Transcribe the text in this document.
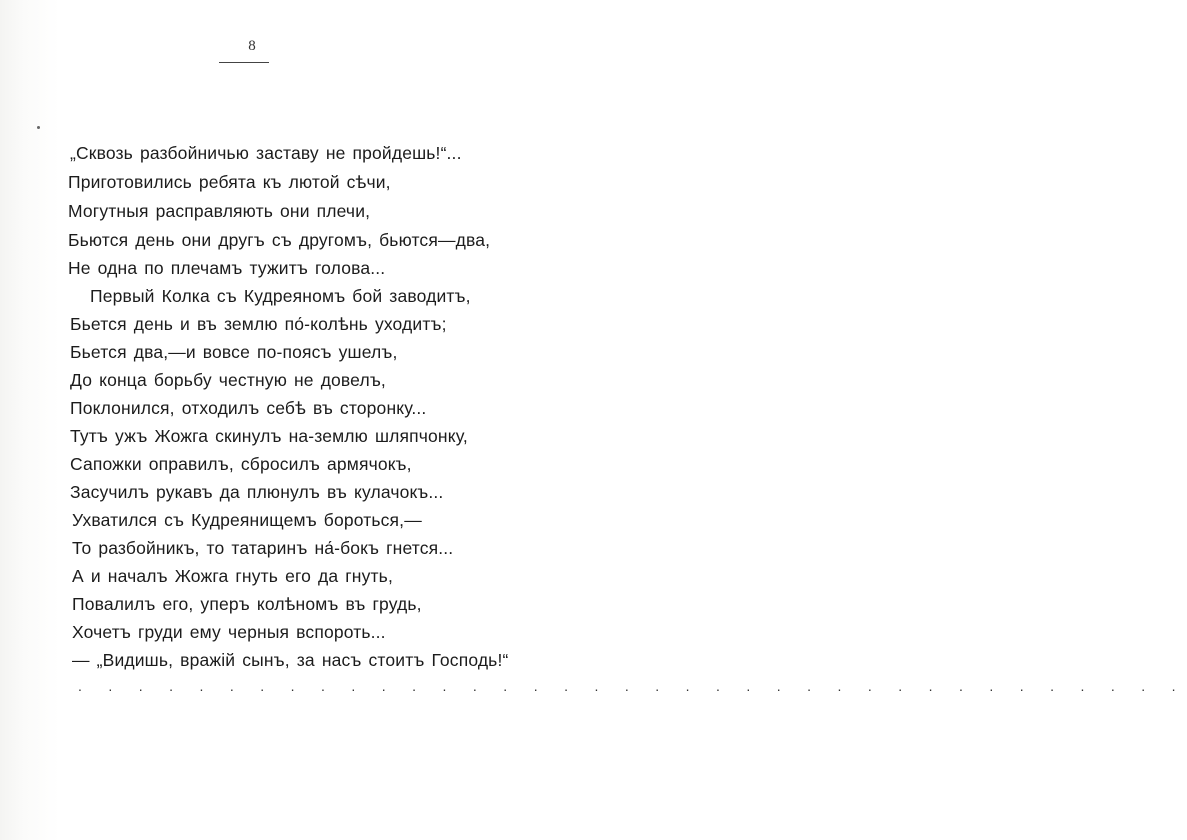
8
„Сквозь разбойничью заставу не пройдешь!“...
Приготовились ребята къ лютой сѣчи,
Могутныя расправляють они плечи,
Бьются день они другъ съ другомъ, бьются—два,
Не одна по плечамъ тужитъ голова...
Первый Колка съ Кудреяномъ бой заводитъ,
Бьется день и въ землю по́-колѣнь уходитъ;
Бьется два,—и вовсе по-поясъ ушелъ,
До конца борьбу честную не довелъ,
Поклонился, отходилъ себѣ въ сторонку...
Тутъ ужъ Жожга скинулъ на-землю шляпчонку,
Сапожки оправилъ, сбросилъ армячокъ,
Засучилъ рукавъ да плюнулъ въ кулачокъ...
Ухватился съ Кудреянищемъ бороться,—
То разбойникъ, то татаринъ на́-бокъ гнется...
А и началъ Жожга гнуть его да гнуть,
Повалилъ его, уперъ колѣномъ въ грудь,
Хочетъ груди ему черныя вспороть...
— „Видишь, вражій сынъ, за насъ стоитъ Господь!“
. . . . . . . . . . . . . . . . . . . . . . . . . . . . . . . . . . . . .
